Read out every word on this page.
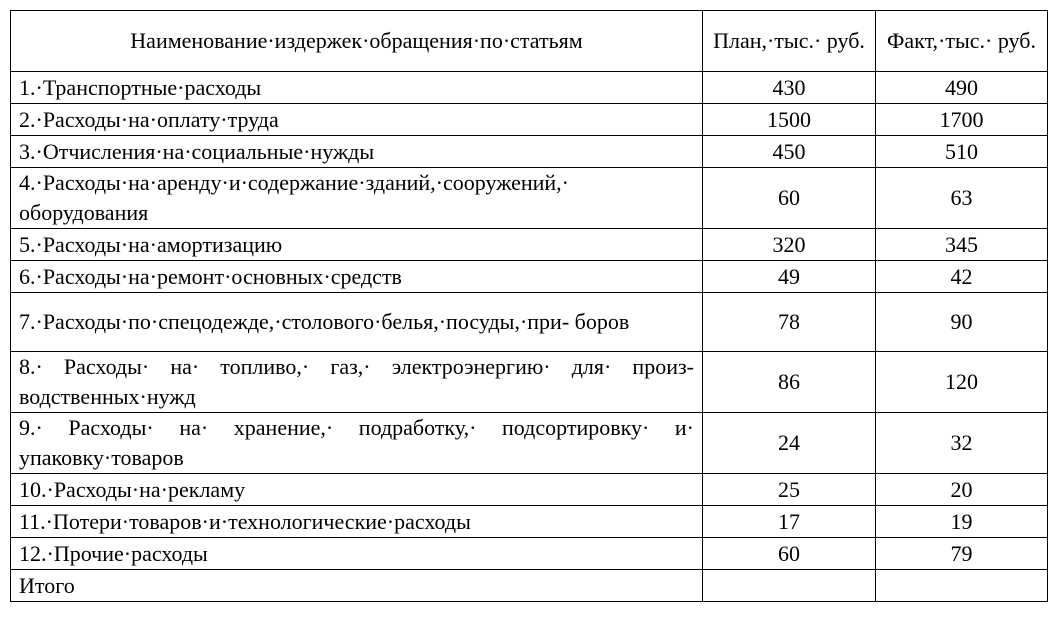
Наименование·издержек·обращения·по·статьям	План,·тыс.· руб.	Факт,·тыс.· руб.
1.·Транспортные·расходы	430	490
2.·Расходы·на·оплату·труда	1500	1700
3.·Отчисления·на·социальные·нужды	450	510
4.·Расходы·на·аренду·и·содержание·зданий,·сооружений,· оборудования	60	63
5.·Расходы·на·амортизацию	320	345
6.·Расходы·на·ремонт·основных·средств	49	42
7.·Расходы·по·спецодежде,·столового·белья,·посуды,·при- боров	78	90
8.· Расходы· на· топливо,· газ,· электроэнергию· для· произ- водственных·нужд	86	120
9.· Расходы· на· хранение,· подработку,· подсортировку· и· упаковку·товаров	24	32
10.·Расходы·на·рекламу	25	20
11.·Потери·товаров·и·технологические·расходы	17	19
12.·Прочие·расходы	60	79
Итого		
